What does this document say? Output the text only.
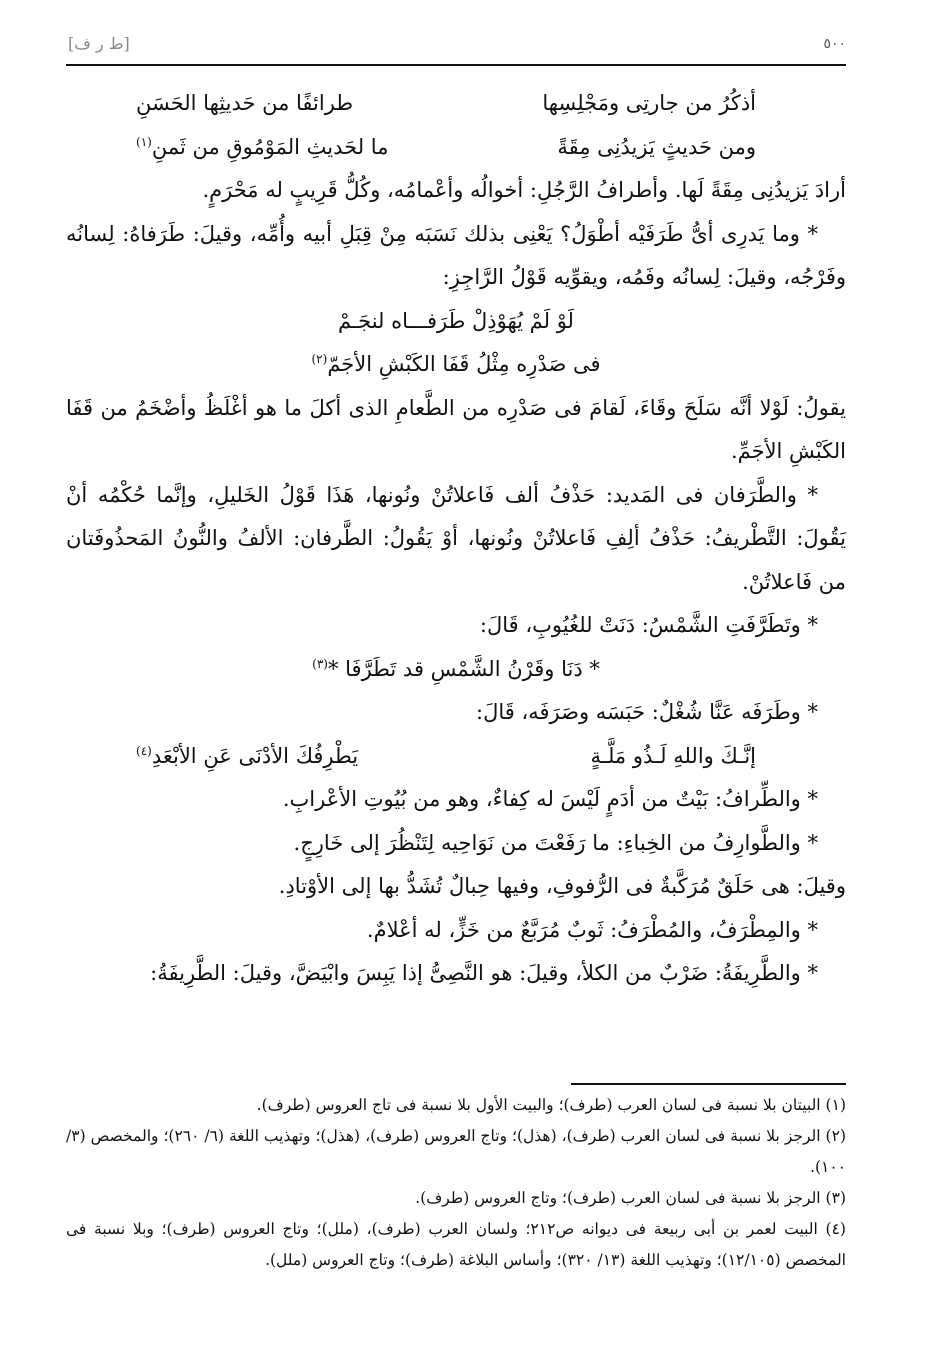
[ط ر ف]	٥٠٠
أذكُرُ من جارتِى ومَجْلِسِها
طرائفًا من حَديثِها الحَسَنِ
ومن حَديثٍ يَزيدُنِى مِقَةً
ما لحَديثِ المَوْمُوقِ من ثَمنِ$^{(١)}$

أرادَ يَزيدُنِى مِقَةً لَها. وأطرافُ الرَّجُلِ: أخوالُه وأعْمامُه، وكُلُّ قَرِيبٍ له مَحْرَمٍ.

* وما يَدرِى أىُّ طَرَفَيْه أطْوَلُ؟ يَعْنِى بذلك نَسَبَه مِنْ قِبَلِ أبيه وأُمِّه، وقيلَ: طَرَفاهُ: لِسانُه وفَرْجُه، وقيلَ: لِسانُه وفَمُه، ويقوِّيه قَوْلُ الرَّاجِزِ:

لَوْ لَمْ يُهَوْذِلْ طَرَفـــاه لنجَـمْ
فى صَدْرِه مِثْلُ قَفَا الكَبْشِ الأجَمّ$^{(٢)}$

يقولُ: لَوْلا أنَّه سَلَحَ وقَاءَ، لَقامَ فى صَدْرِه من الطَّعامِ الذى أكلَ ما هو أغْلَظُ وأضْخَمُ من قَفَا الكَبْشِ الأجَمِّ.

* والطَّرَفان فى المَديد: حَذْفُ ألف فَاعلاتُنْ ونُونها، هَذَا قَوْلُ الخَليلِ، وإنَّما حُكْمُه أنْ يَقُولَ: التَّطْريفُ: حَذْفُ ألِفِ فَاعلاتُنْ ونُونها، أوْ يَقُولُ: الطَّرفان: الألفُ والنُّونُ المَحذُوفَتان من فَاعلاتُنْ.

* وتَطَرَّفَتِ الشَّمْسُ: دَنَتْ للغُيُوبِ، قَالَ:

* دَنَا وقَرْنُ الشَّمْسِ قد تَطَرَّفَا *$^{(٣)}$

* وطَرَفَه عَنَّا شُغْلٌ: حَبَسَه وصَرَفَه، قَالَ:

إنَّـكَ واللهِ لَـذُو مَلَّـةٍ
يَطْرِفُكَ الأدْنَى عَنِ الأبْعَدِ$^{(٤)}$

* والطِّرافُ: بَيْتٌ من أدَمٍ لَيْسَ له كِفاءٌ، وهو من بُيُوتِ الأعْرابِ.

* والطَّوارِفُ من الخِباءِ: ما رَفَعْتَ من نَوَاحِيه لِتَنْظُرَ إلى خَارِجٍ.

وقيلَ: هى حَلَقٌ مُرَكَّبةٌ فى الرُّفوفِ، وفيها حِبالٌ تُشَدُّ بها إلى الأوْتادِ.

* والمِطْرَفُ، والمُطْرَفُ: ثَوبٌ مُرَبَّعٌ من خَزٍّ، له أعْلامٌ.

* والطَّرِيفَةُ: ضَرْبٌ من الكلأ، وقيلَ: هو النَّصِىُّ إذا يَبِسَ وابْيَضَّ، وقيلَ: الطَّرِيفَةُ:

(١) البيتان بلا نسبة فى لسان العرب (طرف)؛ والبيت الأول بلا نسبة فى تاج العروس (طرف).

(٢) الرجز بلا نسبة فى لسان العرب (طرف)، (هذل)؛ وتاج العروس (طرف)، (هذل)؛ وتهذيب اللغة (٦/ ٢٦٠)؛ والمخصص (٣/ ١٠٠).

(٣) الرجز بلا نسبة فى لسان العرب (طرف)؛ وتاج العروس (طرف).

(٤) البيت لعمر بن أبى ربيعة فى ديوانه ص٢١٢؛ ولسان العرب (طرف)، (ملل)؛ وتاج العروس (طرف)؛ وبلا نسبة فى المخصص (١٢/١٠٥)؛ وتهذيب اللغة (١٣/ ٣٢٠)؛ وأساس البلاغة (طرف)؛ وتاج العروس (ملل).
